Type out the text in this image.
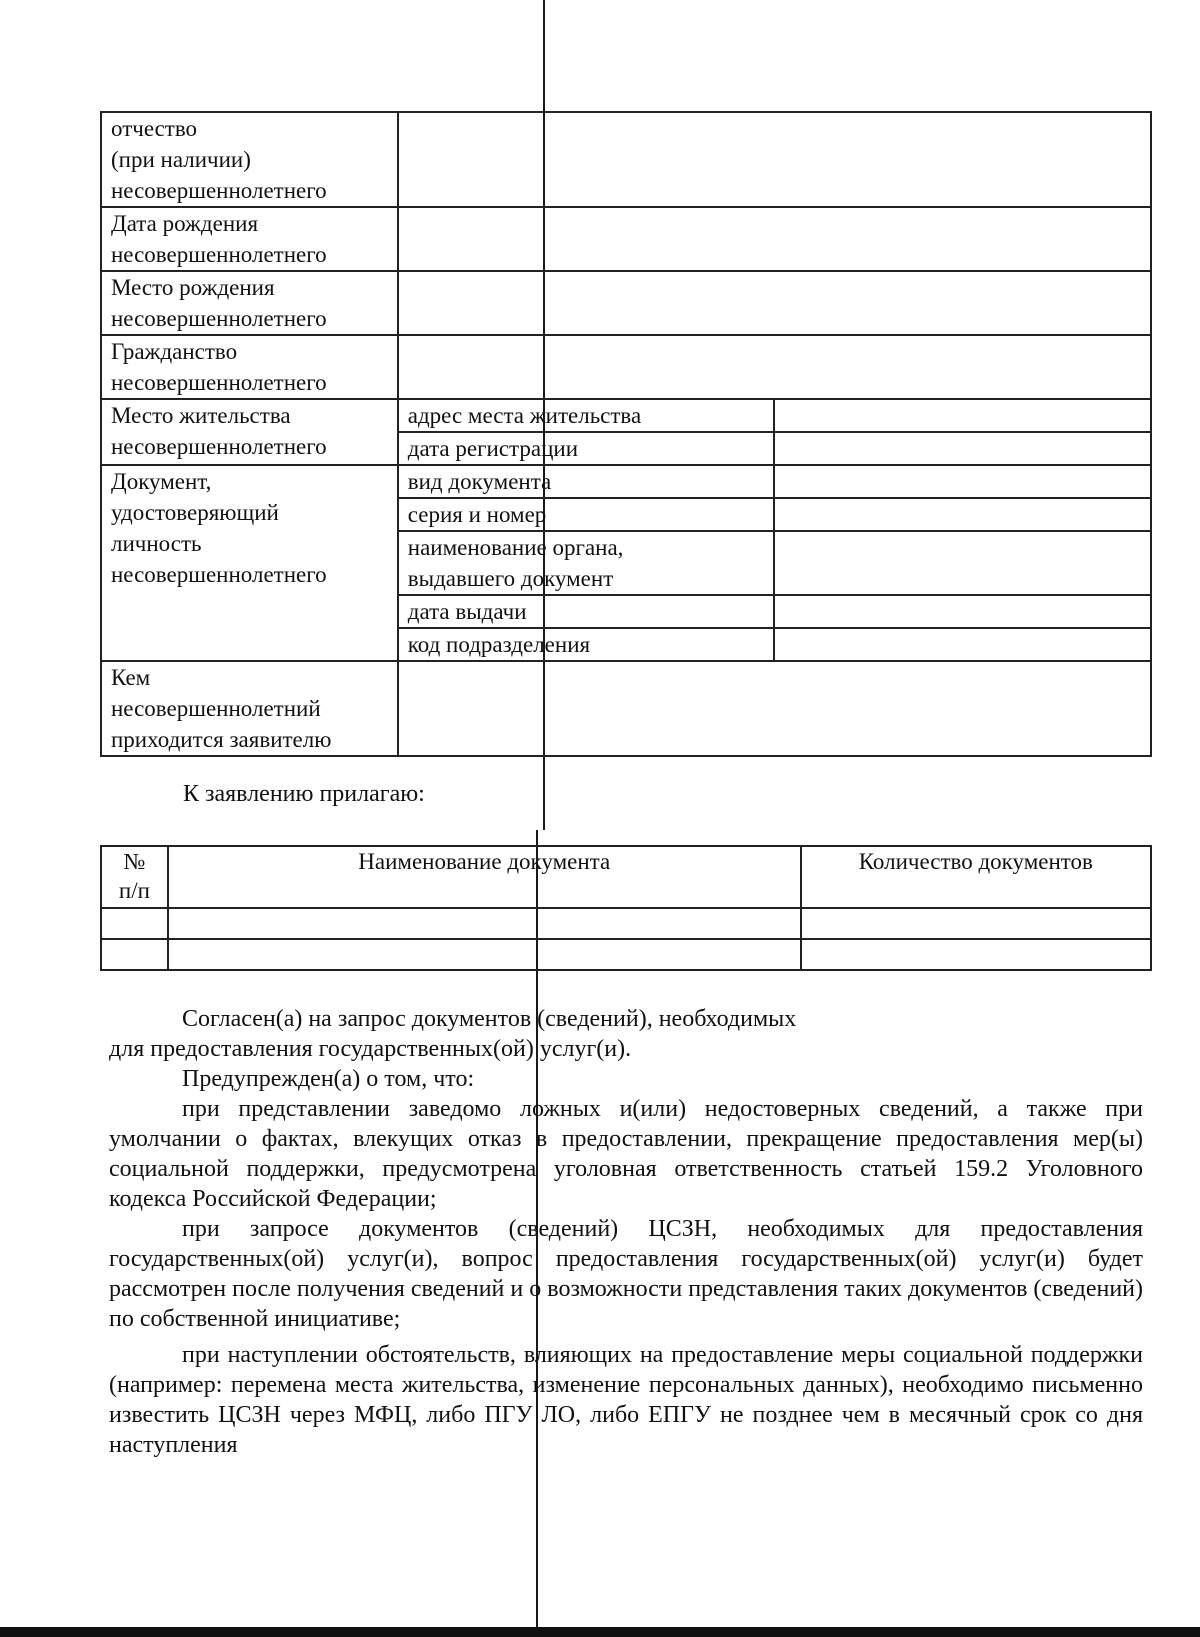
отчество
(при наличии)
несовершеннолетнего		

Дата рождения
несовершеннолетнего		

Место рождения
несовершеннолетнего		

Гражданство
несовершеннолетнего		

Место жительства
несовершеннолетнего	адрес места жительства	
	дата регистрации	

Документ,
удостоверяющий
личность
несовершеннолетнего	вид документа	
	серия и номер	
	наименование органа, выдавшего документ	
	дата выдачи	
	код подразделения	

Кем
несовершеннолетний
приходится заявителю		

К заявлению прилагаю:
№
п/п	Наименование документа	Количество документов

Согласен(а) на запрос документов (сведений), необходимых

для предоставления государственных(ой) услуг(и).

Предупрежден(а) о том, что:

при представлении заведомо ложных и(или) недостоверных сведений, а также при умолчании о фактах, влекущих отказ в предоставлении, прекращение предоставления мер(ы) социальной поддержки, предусмотрена уголовная ответственность статьей 159.2 Уголовного кодекса Российской Федерации;

при запросе документов (сведений) ЦСЗН, необходимых для предоставления государственных(ой) услуг(и), вопрос предоставления государственных(ой) услуг(и) будет рассмотрен после получения сведений и о возможности представления таких документов (сведений) по собственной инициативе;

при наступлении обстоятельств, влияющих на предоставление меры социальной поддержки (например: перемена места жительства, изменение персональных данных), необходимо письменно известить ЦСЗН через МФЦ, либо ПГУ ЛО, либо ЕПГУ не позднее чем в месячный срок со дня наступления
